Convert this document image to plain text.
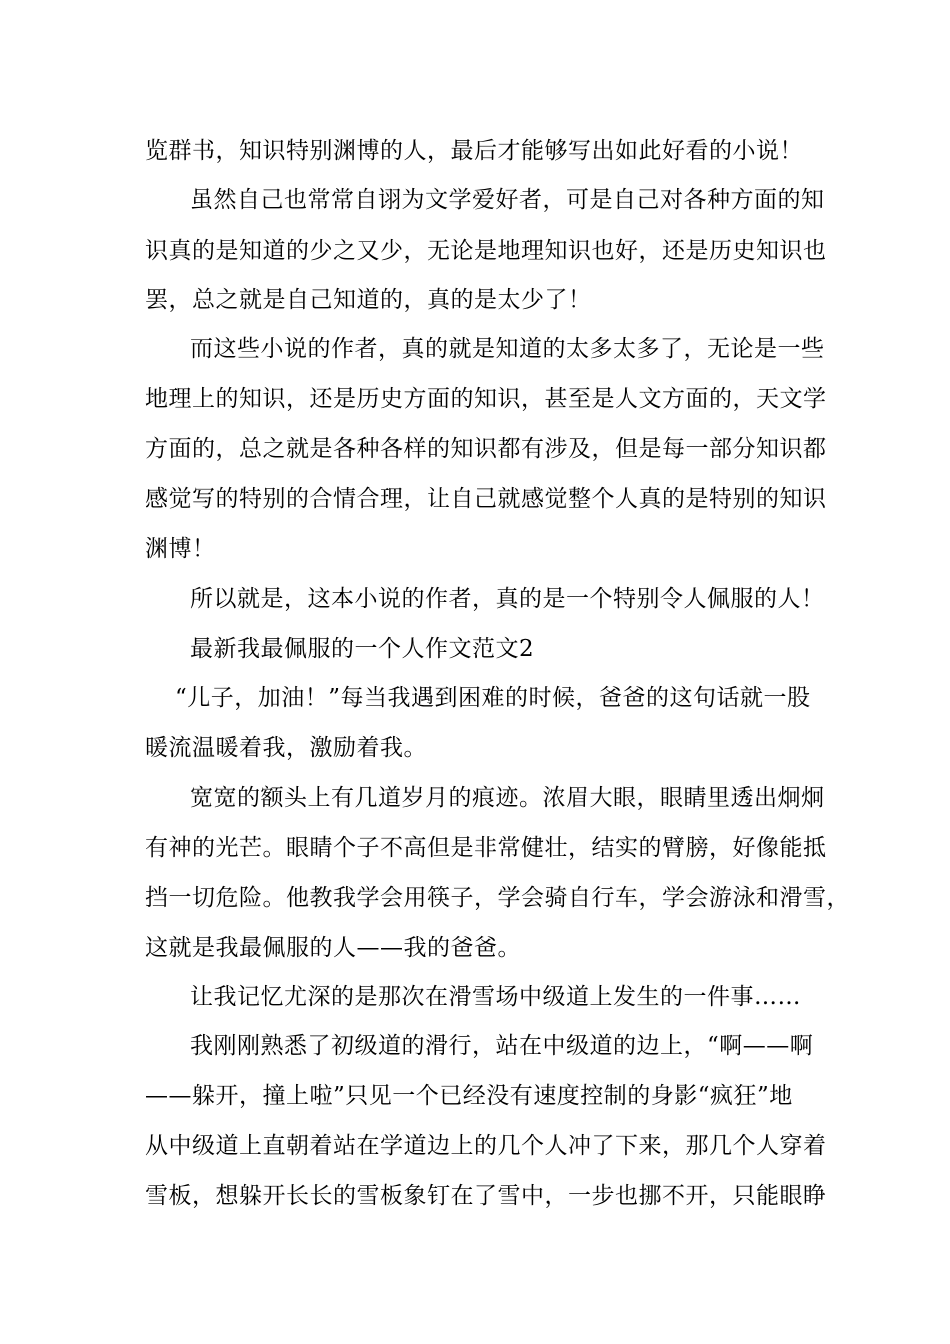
览群书，知识特别渊博的人，最后才能够写出如此好看的小说！
虽然自己也常常自诩为文学爱好者，可是自己对各种方面的知
识真的是知道的少之又少，无论是地理知识也好，还是历史知识也
罢，总之就是自己知道的，真的是太少了！
而这些小说的作者，真的就是知道的太多太多了，无论是一些
地理上的知识，还是历史方面的知识，甚至是人文方面的，天文学
方面的，总之就是各种各样的知识都有涉及，但是每一部分知识都
感觉写的特别的合情合理，让自己就感觉整个人真的是特别的知识
渊博！
所以就是，这本小说的作者，真的是一个特别令人佩服的人！
最新我最佩服的一个人作文范文2
“儿子，加油！”每当我遇到困难的时候，爸爸的这句话就一股
暖流温暖着我，激励着我。
宽宽的额头上有几道岁月的痕迹。浓眉大眼，眼睛里透出炯炯
有神的光芒。眼睛个子不高但是非常健壮，结实的臂膀，好像能抵
挡一切危险。他教我学会用筷子，学会骑自行车，学会游泳和滑雪，
这就是我最佩服的人——我的爸爸。
让我记忆尤深的是那次在滑雪场中级道上发生的一件事……
我刚刚熟悉了初级道的滑行，站在中级道的边上，“啊——啊
——躲开，撞上啦”只见一个已经没有速度控制的身影“疯狂”地
从中级道上直朝着站在学道边上的几个人冲了下来，那几个人穿着
雪板，想躲开长长的雪板象钉在了雪中，一步也挪不开，只能眼睁
